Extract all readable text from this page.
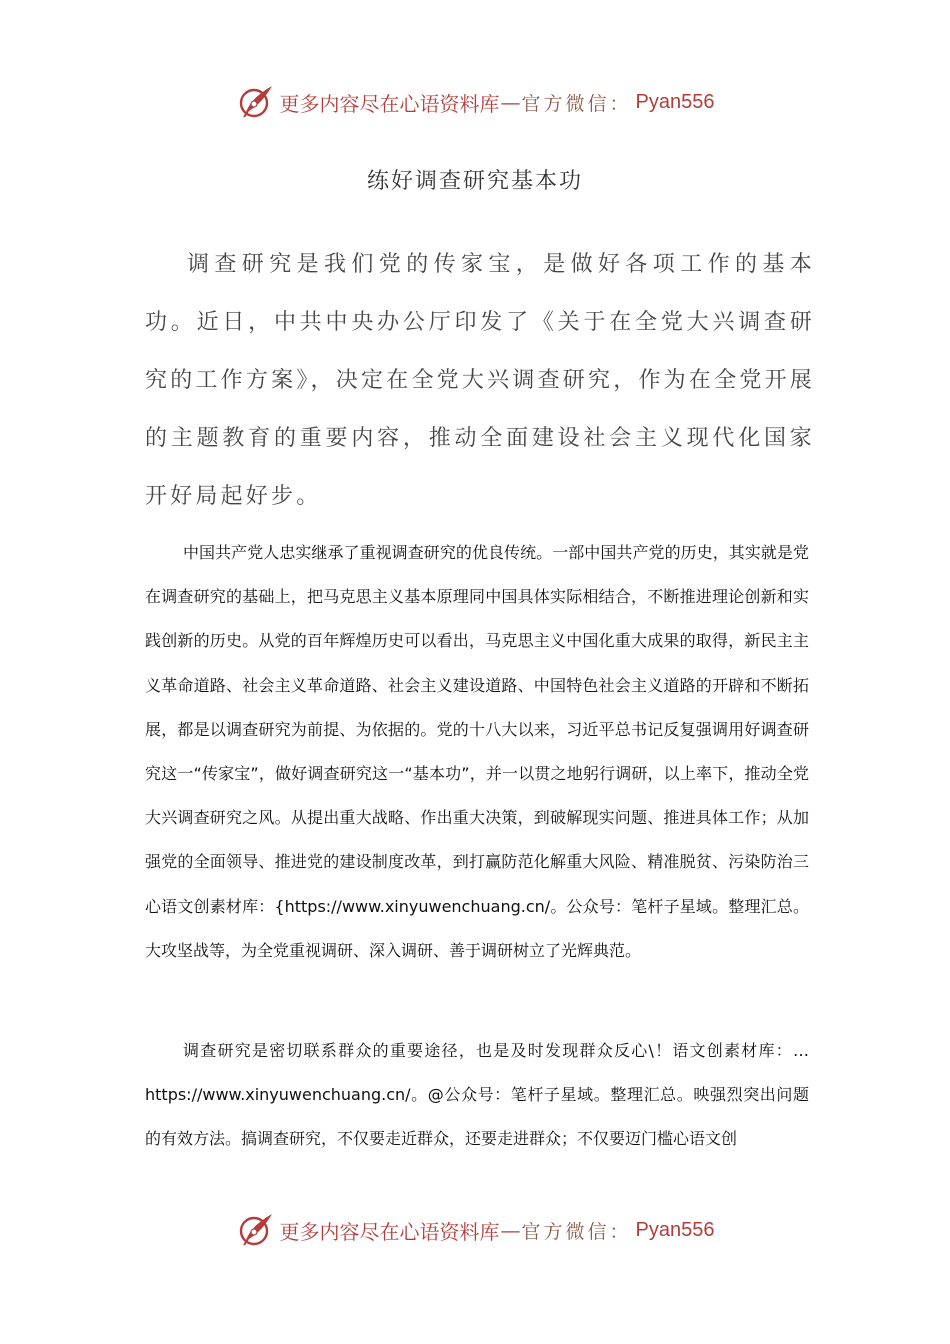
更多内容尽在心语资料库 — 官方微信： Pyan556
练好调查研究基本功

调查研究是我们党的传家宝，是做好各项工作的基本功。近日，中共中央办公厅印发了《关于在全党大兴调查研究的工作方案》，决定在全党大兴调查研究，作为在全党开展的主题教育的重要内容，推动全面建设社会主义现代化国家开好局起好步。

中国共产党人忠实继承了重视调查研究的优良传统。一部中国共产党的历史，其实就是党在调查研究的基础上，把马克思主义基本原理同中国具体实际相结合，不断推进理论创新和实践创新的历史。从党的百年辉煌历史可以看出，马克思主义中国化重大成果的取得，新民主主义革命道路、社会主义革命道路、社会主义建设道路、中国特色社会主义道路的开辟和不断拓展，都是以调查研究为前提、为依据的。党的十八大以来，习近平总书记反复强调用好调查研究这一“传家宝”，做好调查研究这一“基本功”，并一以贯之地躬行调研，以上率下，推动全党大兴调查研究之风。从提出重大战略、作出重大决策，到破解现实问题、推进具体工作；从加强党的全面领导、推进党的建设制度改革，到打赢防范化解重大风险、精准脱贫、污染防治三心语文创素材库：{https://www.xinyuwenchuang.cn/。公众号：笔杆子星域。整理汇总。大攻坚战等，为全党重视调研、深入调研、善于调研树立了光辉典范。

调查研究是密切联系群众的重要途径，也是及时发现群众反心\！语文创素材库：…https://www.xinyuwenchuang.cn/。@公众号：笔杆子星域。整理汇总。映强烈突出问题的有效方法。搞调查研究，不仅要走近群众，还要走进群众；不仅要迈门槛心语文创

更多内容尽在心语资料库 — 官方微信： Pyan556
